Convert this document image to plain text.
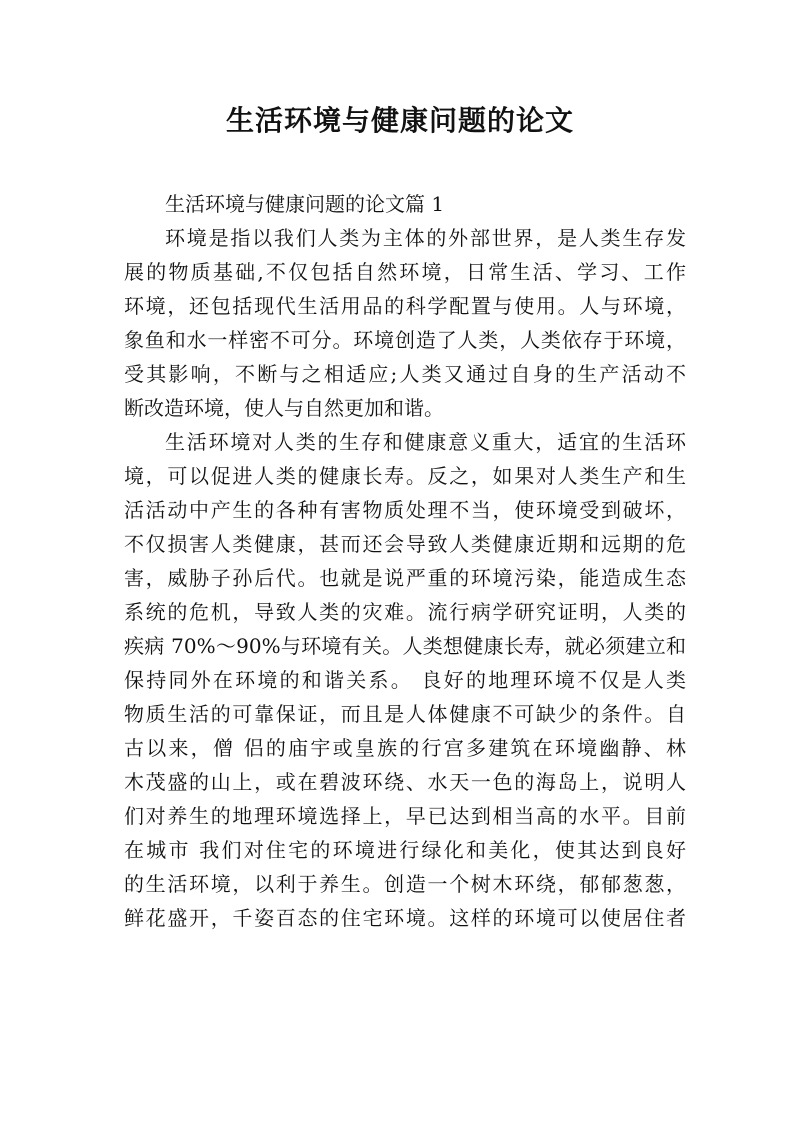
生活环境与健康问题的论文
生活环境与健康问题的论文篇 1
环境是指以我们人类为主体的外部世界，是人类生存发
展的物质基础,不仅包括自然环境，日常生活、学习、工作
环境，还包括现代生活用品的科学配置与使用。人与环境，
象鱼和水一样密不可分。环境创造了人类，人类依存于环境，
受其影响，不断与之相适应;人类又通过自身的生产活动不
断改造环境，使人与自然更加和谐。
生活环境对人类的生存和健康意义重大，适宜的生活环
境，可以促进人类的健康长寿。反之，如果对人类生产和生
活活动中产生的各种有害物质处理不当，使环境受到破坏，
不仅损害人类健康，甚而还会导致人类健康近期和远期的危
害，威胁子孙后代。也就是说严重的环境污染，能造成生态
系统的危机，导致人类的灾难。流行病学研究证明，人类的
疾病 70%～90%与环境有关。人类想健康长寿，就必须建立和
保持同外在环境的和谐关系。 良好的地理环境不仅是人类
物质生活的可靠保证，而且是人体健康不可缺少的条件。自
古以来，僧 侣的庙宇或皇族的行宫多建筑在环境幽静、林
木茂盛的山上，或在碧波环绕、水天一色的海岛上，说明人
们对养生的地理环境选择上，早已达到相当高的水平。目前
在城市 我们对住宅的环境进行绿化和美化，使其达到良好
的生活环境，以利于养生。创造一个树木环绕，郁郁葱葱，
鲜花盛开，千姿百态的住宅环境。这样的环境可以使居住者
